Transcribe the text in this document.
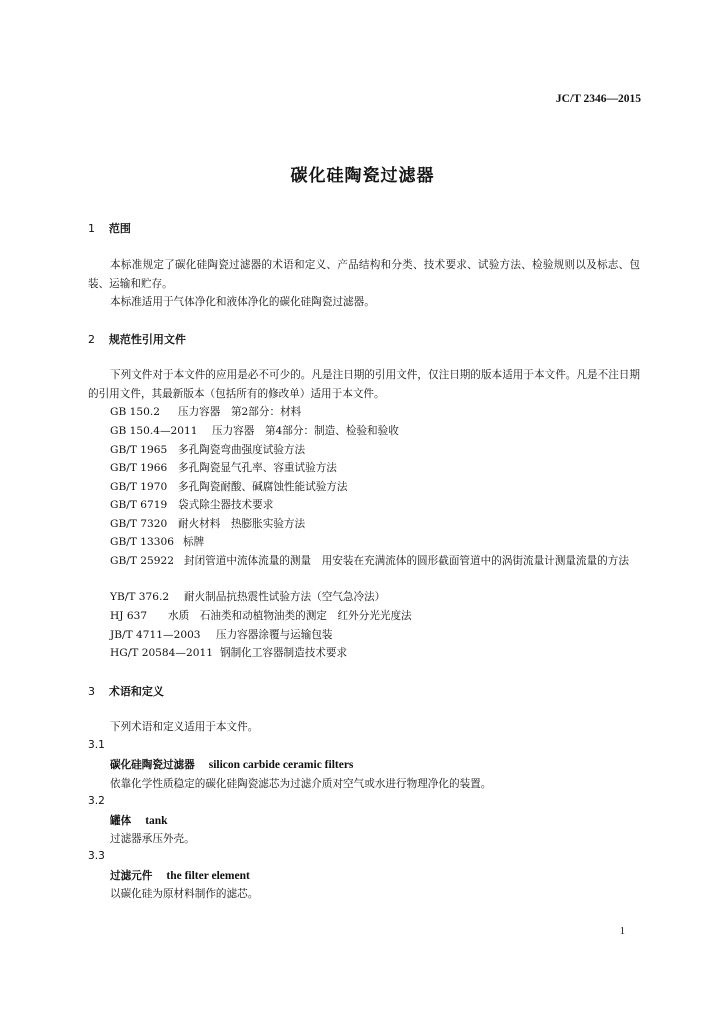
JC/T 2346—2015
碳化硅陶瓷过滤器
1 范围
本标准规定了碳化硅陶瓷过滤器的术语和定义、产品结构和分类、技术要求、试验方法、检验规则以及标志、包装、运输和贮存。
本标准适用于气体净化和液体净化的碳化硅陶瓷过滤器。
2 规范性引用文件
下列文件对于本文件的应用是必不可少的。凡是注日期的引用文件，仅注日期的版本适用于本文件。凡是不注日期的引用文件，其最新版本（包括所有的修改单）适用于本文件。
GB 150.2 压力容器　第2部分：材料
GB 150.4—2011 压力容器　第4部分：制造、检验和验收
GB/T 1965 多孔陶瓷弯曲强度试验方法
GB/T 1966 多孔陶瓷显气孔率、容重试验方法
GB/T 1970 多孔陶瓷耐酸、碱腐蚀性能试验方法
GB/T 6719 袋式除尘器技术要求
GB/T 7320 耐火材料　热膨胀实验方法
GB/T 13306 标牌
GB/T 25922 封闭管道中流体流量的测量　用安装在充满流体的圆形截面管道中的涡街流量计测量流量的方法
YB/T 376.2 耐火制品抗热震性试验方法（空气急冷法）
HJ 637 水质　石油类和动植物油类的测定　红外分光光度法
JB/T 4711—2003 压力容器涂覆与运输包装
HG/T 20584—2011 钢制化工容器制造技术要求
3 术语和定义
下列术语和定义适用于本文件。
3.1
碳化硅陶瓷过滤器 silicon carbide ceramic filters
依靠化学性质稳定的碳化硅陶瓷滤芯为过滤介质对空气或水进行物理净化的装置。
3.2
罐体 tank
过滤器承压外壳。
3.3
过滤元件 the filter element
以碳化硅为原材料制作的滤芯。
1
